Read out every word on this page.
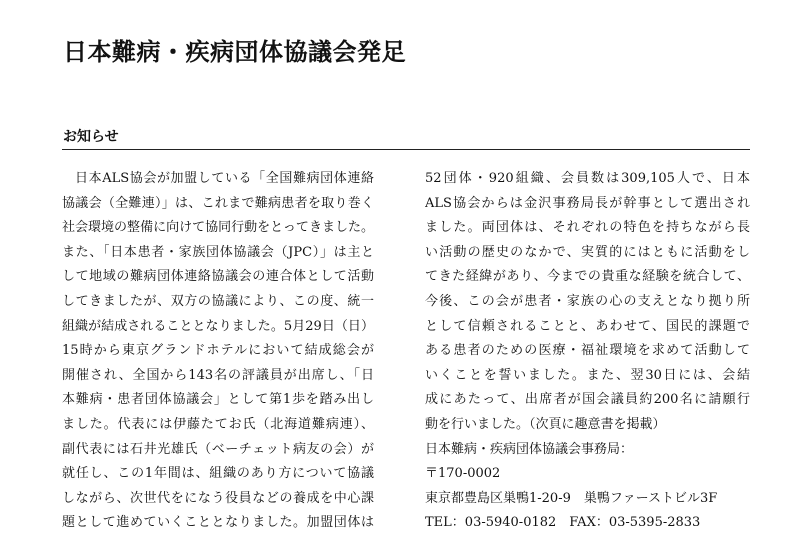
日本難病・疾病団体協議会発足
お知らせ
日本ALS協会が加盟している「全国難病団体連絡
協議会（全難連）」は、これまで難病患者を取り巻く
社会環境の整備に向けて協同行動をとってきました。
また、「日本患者・家族団体協議会（JPC）」は主と
して地域の難病団体連絡協議会の連合体として活動
してきましたが、双方の協議により、この度、統一
組織が結成されることとなりました。5月29日（日）
15時から東京グランドホテルにおいて結成総会が
開催され、全国から143名の評議員が出席し、「日
本難病・患者団体協議会」として第1歩を踏み出し
ました。代表には伊藤たてお氏（北海道難病連）、
副代表には石井光雄氏（ベーチェット病友の会）が
就任し、この1年間は、組織のあり方について協議
しながら、次世代をになう役員などの養成を中心課
題として進めていくこととなりました。加盟団体は
52団体・920組織、会員数は309,105人で、日本
ALS協会からは金沢事務局長が幹事として選出され
ました。両団体は、それぞれの特色を持ちながら長
い活動の歴史のなかで、実質的にはともに活動をし
てきた経緯があり、今までの貴重な経験を統合して、
今後、この会が患者・家族の心の支えとなり拠り所
として信頼されることと、あわせて、国民的課題で
ある患者のための医療・福祉環境を求めて活動して
いくことを誓いました。また、翌30日には、会結
成にあたって、出席者が国会議員約200名に請願行
動を行いました。（次頁に趣意書を掲載）
日本難病・疾病団体協議会事務局：
〒170-0002
東京都豊島区巣鴨1-20-9　巣鴨ファーストビル3F
TEL：03-5940-0182　FAX：03-5395-2833
